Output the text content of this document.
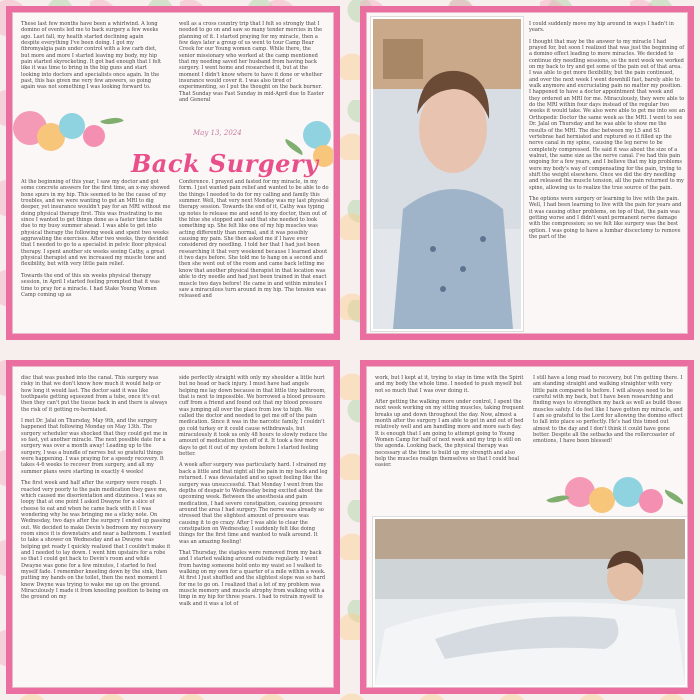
These last few months have been a whirlwind. A long domino of events led me to back surgery a few weeks ago. Last fall, my health started declining again despite everything I've been doing. I got my fibromyalgia pain under control with a low carb diet, but more and more I started leaving my body, my hip pain started skyrocketing. It got bad enough that I felt like it was time to bring in the big guns and start looking into doctors and specialists once again. In the past, this has given me very few answers, so going again was not something I was looking forward to.

well as a cross country trip that I felt so strongly that I needed to go on and saw so many tender mercies in the planning of it. I started praying for my miracle, then a few days later a group of us went to tour Camp Bear Creek for our Young women camp. While there, the senior missionary who worked at the camp mentioned that my needing saved her husband from having back surgery. I went home and researched it, but at the moment I didn't know where to have it done or whether insurance would cover it. I was also tired of experimenting, so I put the thought on the back burner. That Sunday was Fast Sunday in mid-April due to Easter and General

May 13, 2024
Back Surgery

At the beginning of this year, I saw my doctor and got some concrete answers for the first time, an x-ray showed bone spurs in my hip. This seemed to be the cause of my troubles, and we were wanting to get an MRI to dig deeper, yet insurance wouldn't pay for an MRI without me doing physical therapy first. This was frustrating to me since I wanted to get things done as a faster time table due to my busy summer ahead. I was able to get into physical therapy the following week and spent two weeks aggravating the exercises. After two weeks, they decided that I needed to go to a specialist in pelvic floor physical therapy. I spent another six weeks seeing Cathy, a great physical therapist and we increased my muscle tone and flexibility, but with very little pain relief.

Towards the end of this six weeks physical therapy session, in April I started feeling prompted that it was time to pray for a miracle. I had Stake Young Women Camp coming up as

Conference. I prayed and fasted for my miracle, in my form. I just wanted pain relief and wanted to be able to do the things I needed to do for my calling and family this summer. Well, that very next Monday was my last physical therapy session. Towards the end of it, Cathy was typing up notes to release me and send to my doctor, then out of the blue she stopped and said that she needed to look something up. She felt like one of my hip muscles was acting differently than normal, and it was possibly causing my pain. She then asked me if I have ever considered dry needling. I told her that I had just been researching it that very weekend because I learned about it two days before. She told me to hang on a second and then she went out of the room and came back letting me know that another physical therapist in that location was able to dry needle and had just been trained in that exact muscle two days before! He came in and within minutes I saw a miraculous turn around in my hip. The tension was released and

I could suddenly move my hip around in ways I hadn't in years.

I thought that may be the answer to my miracle I had prayed for, but soon I realized that was just the beginning of a domino effect leading to more miracles. We decided to continue dry needling sessions, so the next week we worked on my back to try and get some of the pain out of that area. I was able to get more flexibility, but the pain continued, and over the next week I went downhill fast, barely able to walk anymore and excruciating pain no matter my position. I happened to have a doctor appointment that week and they ordered an MRI for me. Miraculously, they were able to do the MRI within four days instead of the regular two weeks it would take. We also were able to get me into see an Orthopedic Doctor the same week as the MRI. I went to see Dr. Jalal on Thursday and he was able to show me the results of the MRI. The disc between my L5 and S1 vertebrae had herniated and ruptured so it filled up the nerve canal in my spine, causing the leg nerve to be completely compressed. He said it was about the size of a walnut, the same size as the nerve canal. I've had this pain ongoing for a few years, and I believe that my hip problems were my body's way of compensating for the pain, trying to shift the weight elsewhere. Once we did the dry needling and released the muscle tension, all the pain returned to my spine, allowing us to realize the true source of the pain.

The options were surgery or learning to live with the pain. Well, I had been learning to live with the pain for years and it was causing other problems, on top of that, the pain was getting worse and I didn't want permanent nerve damage with the compression; so we felt like surgery was the best option. I was going to have a lumbar discectomy to remove the part of the

disc that was pushed into the canal. This surgery was risky in that we don't know how much it would help or how long it would last. The doctor said it was like toothpaste getting squeezed from a tube, once it's out then they can't put the tissue back in and there is always the risk of it getting re-herniated.

I met Dr. Jalal on Thursday, May 9th, and the surgery happened that following Monday on May 13th. The surgery scheduler was shocked that they could get me in so fast, yet another miracle. The next possible date for a surgery was over a month away! Leading up to the surgery, I was a bundle of nerves but so grateful things were happening. I was praying for a speedy recovery. It takes 4-6 weeks to recover from surgery, and all my summer plans were starting in exactly 4 weeks!

The first week and half after the surgery were rough. I reacted very poorly to the pain medication they gave me, which caused me disorientation and dizziness. I was so loopy that at one point I asked Dwayne for a slice of cheese to eat and when he came back with it I was wondering why he was bringing me a sticky note. On Wednesday, two days after the surgery I ended up passing out. We decided to make Devin's bedroom my recovery room since it is downstairs and near a bathroom. I wanted to take a shower on Wednesday and as Dwayne was helping get ready I quickly realized that I couldn't make it and I needed to lay down. I went him upstairs for a robe so that I could get back to Devin's room and while Dwayne was gone for a few minutes, I started to feel myself fade. I remember kneeling down by the sink, then putting my hands on the toilet, then the next moment I knew Dwyne was trying to wake me up on the ground. Miraculously I made it from kneeling position to being on the ground on my

side perfectly straight with only my shoulder a little hurt but no head or back injury. I must have had angels helping me lay down because in that little tiny bathroom, that is next to impossible. We borrowed a blood pressure cuff from a friend and found out that my blood pressure was jumping all over the place from low to high. We called the doctor and needed to get me off of the pain medication. Since it was in the narcotic family, I couldn't go cold turkey or it could cause withdrawals, but miraculously it took us only 48 hours to slowly reduce the amount of medication then off of it. It took a few more days to get it out of my system before I started feeling better.

A week after surgery was particularly hard. I strained my back a little and that night all the pain in my back and leg returned. I was devastated and so upset feeling like the surgery was unsuccessful. That Monday I went from the depths of despair to Wednesday being excited about the upcoming week. Between the anesthesia and pain medication, I had severe constipation, causing pressure around the area I had surgery. The nerve was already so stressed that the slightest amount of pressure was causing it to go crazy. After I was able to clear the constipation on Wednesday, I suddenly felt like doing things for the first time and wanted to walk around. It was an amazing feeling!

That Thursday, the staples were removed from my back and I started walking around outside regularly. I went from having someone hold onto my waist so I walked to walking on my own for a quarter of a mile within a week. At first I just shuffled and the slightest slope was so hard for me to go on. I realized that a lot of my problem was muscle memory and muscle atrophy from walking with a limp in my hip for three years. I had to retrain myself to walk and it was a lot of

work, but I kept at it, trying to stay in time with the Spirit and my body the whole time. I needed to push myself but not so much that I was over doing it.

After getting the walking more under control, I spent the next week working on my sitting muscles, taking frequent breaks up and down throughout the day. Now, almost a month after the surgery I am able to get in and out of bed relatively well and am handling more and more each day. It is enough that I am going to attempt going to Young Women Camp for half of next week and my trip is still on the agenda. Looking back, the physical therapy was necessary at the time to build up my strength and also help the muscles realign themselves so that I could heal easier.

I still have a long road to recovery, but I'm getting there. I am standing straight and walking straighter with very little pain compared to before. I will always need to be careful with my back, but I have been researching and finding ways to strengthen my back as well as build those muscles safely. I do feel like I have gotten my miracle, and I am so grateful to the Lord for allowing the domino effect to fall into place so perfectly. He's had this timed out almost to the day and I don't think it could have gone better. Despite all the setbacks and the rollercoaster of emotions, I have been blessed!
